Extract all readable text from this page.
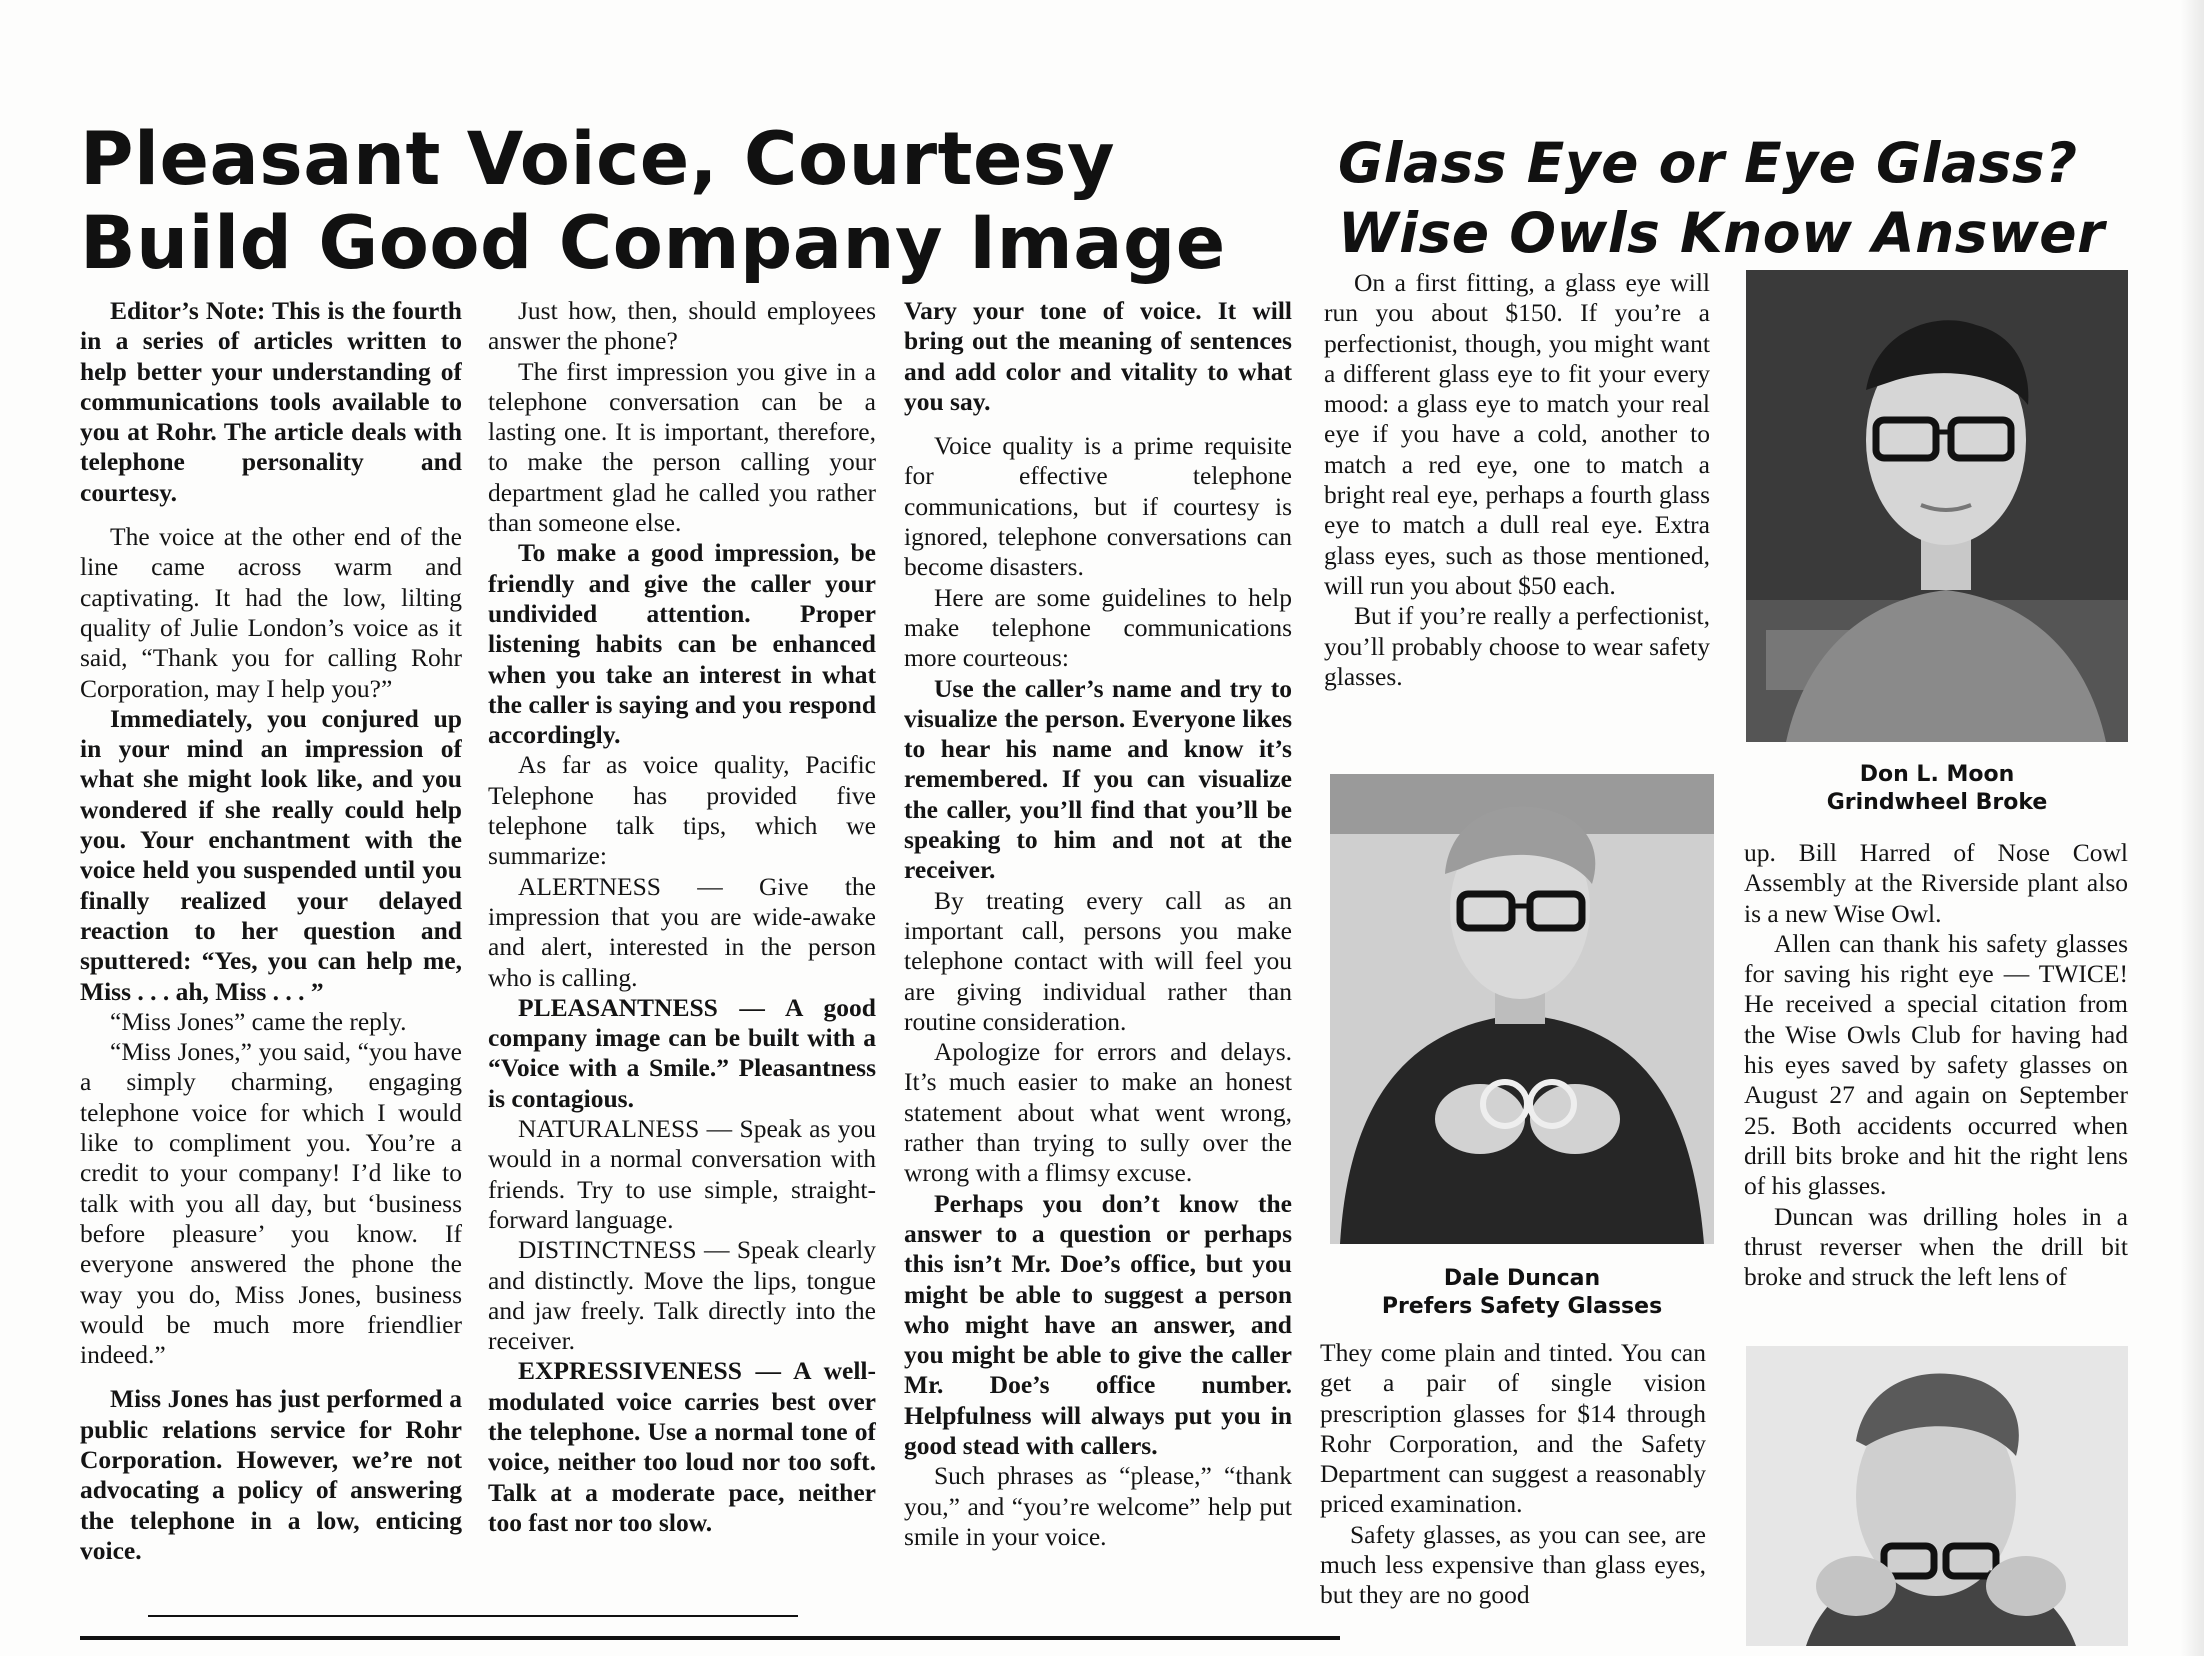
Pleasant Voice, Courtesy
Build Good Company Image
Glass Eye or Eye Glass?
Wise Owls Know Answer

Editor’s Note: This is the fourth in a series of articles written to help better your understanding of communications tools available to you at Rohr. The article deals with telephone personality and courtesy.

The voice at the other end of the line came across warm and captivating. It had the low, lilting quality of Julie London’s voice as it said, “Thank you for calling Rohr Corporation, may I help you?”

Immediately, you conjured up in your mind an impression of what she might look like, and you wondered if she really could help you. Your enchantment with the voice held you suspended until you finally realized your delayed reaction to her question and sputtered: “Yes, you can help me, Miss . . . ah, Miss . . . ”

“Miss Jones” came the reply.

“Miss Jones,” you said, “you have a simply charming, engaging telephone voice for which I would like to compliment you. You’re a credit to your company! I’d like to talk with you all day, but ‘business before pleasure’ you know. If everyone answered the phone the way you do, Miss Jones, business would be much more friendlier indeed.”

Miss Jones has just performed a public relations service for Rohr Corporation. However, we’re not advocating a policy of answering the telephone in a low, enticing voice.

Just how, then, should employees answer the phone?

The first impression you give in a telephone conversation can be a lasting one. It is important, therefore, to make the person calling your department glad he called you rather than someone else.

To make a good impression, be friendly and give the caller your undivided attention. Proper listening habits can be enhanced when you take an interest in what the caller is saying and you respond accordingly.

As far as voice quality, Pacific Telephone has provided five telephone talk tips, which we summarize:

ALERTNESS — Give the impression that you are wide-awake and alert, interested in the person who is calling.

PLEASANTNESS — A good company image can be built with a “Voice with a Smile.” Pleasantness is contagious.

NATURALNESS — Speak as you would in a normal conversation with friends. Try to use simple, straight-forward language.

DISTINCTNESS — Speak clearly and distinctly. Move the lips, tongue and jaw freely. Talk directly into the receiver.

EXPRESSIVENESS — A well-modulated voice carries best over the telephone. Use a normal tone of voice, neither too loud nor too soft. Talk at a moderate pace, neither too fast nor too slow.

Vary your tone of voice. It will bring out the meaning of sentences and add color and vitality to what you say.

Voice quality is a prime requisite for effective telephone communications, but if courtesy is ignored, telephone conversations can become disasters.

Here are some guidelines to help make telephone communications more courteous:

Use the caller’s name and try to visualize the person. Everyone likes to hear his name and know it’s remembered. If you can visualize the caller, you’ll find that you’ll be speaking to him and not at the receiver.

By treating every call as an important call, persons you make telephone contact with will feel you are giving individual rather than routine consideration.

Apologize for errors and delays. It’s much easier to make an honest statement about what went wrong, rather than trying to sully over the wrong with a flimsy excuse.

Perhaps you don’t know the answer to a question or perhaps this isn’t Mr. Doe’s office, but you might be able to suggest a person who might have an answer, and you might be able to give the caller Mr. Doe’s office number. Helpfulness will always put you in good stead with callers.

Such phrases as “please,” “thank you,” and “you’re welcome” help put smile in your voice.

On a first fitting, a glass eye will run you about $150. If you’re a perfectionist, though, you might want a different glass eye to fit your every mood: a glass eye to match your real eye if you have a cold, another to match a red eye, one to match a bright real eye, perhaps a fourth glass eye to match a dull real eye. Extra glass eyes, such as those mentioned, will run you about $50 each.

But if you’re really a perfectionist, you’ll probably choose to wear safety glasses.

They come plain and tinted. You can get a pair of single vision prescription glasses for $14 through Rohr Corporation, and the Safety Department can suggest a reasonably priced examination.

Safety glasses, as you can see, are much less expensive than glass eyes, but they are no good

up. Bill Harred of Nose Cowl Assembly at the Riverside plant also is a new Wise Owl.

Allen can thank his safety glasses for saving his right eye — TWICE! He received a special citation from the Wise Owls Club for having had his eyes saved by safety glasses on August 27 and again on September 25. Both accidents occurred when drill bits broke and hit the right lens of his glasses.

Duncan was drilling holes in a thrust reverser when the drill bit broke and struck the left lens of

Don L. Moon
Grindwheel Broke
Dale Duncan
Prefers Safety Glasses
